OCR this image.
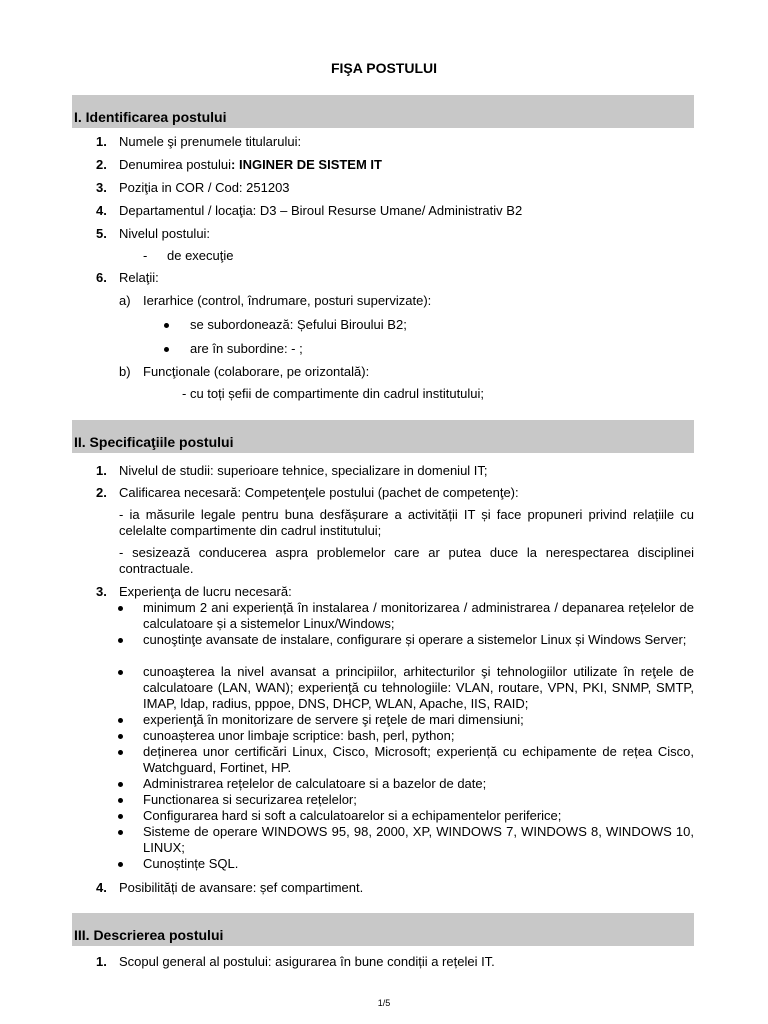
FIŞA POSTULUI
I. Identificarea postului
1. Numele şi prenumele titularului:
2. Denumirea postului: INGINER DE SISTEM IT
3. Poziţia in COR / Cod: 251203
4. Departamentul / locaţia: D3 – Biroul Resurse Umane/ Administrativ B2
5. Nivelul postului:
- de execuţie
6. Relaţii:
a) Ierarhice (control, îndrumare, posturi supervizate):
se subordonează: Șefului Biroului B2;
are în subordine: - ;
b) Funcţionale (colaborare, pe orizontală):
- cu toți șefii de compartimente din cadrul institutului;
II. Specificaţiile postului
1. Nivelul de studii: superioare tehnice, specializare in domeniul IT;
2. Calificarea necesară: Competenţele postului (pachet de competenţe):
- ia măsurile legale pentru buna desfășurare a activității IT și face propuneri privind relațiile cu celelalte compartimente din cadrul institutului;
- sesizează conducerea aspra problemelor care ar putea duce la nerespectarea disciplinei contractuale.
3. Experienţa de lucru necesară:
minimum 2 ani experiență în instalarea / monitorizarea / administrarea / depanarea rețelelor de calculatoare și a sistemelor Linux/Windows;
cunoştinţe avansate de instalare, configurare și operare a sistemelor Linux și Windows Server;
cunoaşterea la nivel avansat a principiilor, arhitecturilor şi tehnologiilor utilizate în reţele de calculatoare (LAN, WAN); experienţă cu tehnologiile: VLAN, routare, VPN, PKI, SNMP, SMTP, IMAP, ldap, radius, pppoe, DNS, DHCP, WLAN, Apache, IIS, RAID;
experienţă în monitorizare de servere şi reţele de mari dimensiuni;
cunoașterea unor limbaje scriptice: bash, perl, python;
deținerea unor certificări Linux, Cisco, Microsoft; experiență cu echipamente de rețea Cisco, Watchguard, Fortinet, HP.
Administrarea rețelelor de calculatoare si a bazelor de date;
Functionarea si securizarea rețelelor;
Configurarea hard si soft a calculatoarelor si a echipamentelor periferice;
Sisteme de operare WINDOWS 95, 98, 2000, XP, WINDOWS 7, WINDOWS 8, WINDOWS 10, LINUX;
Cunoștințe SQL.
4. Posibilități de avansare: șef compartiment.
III. Descrierea postului
1. Scopul general al postului: asigurarea în bune condiții a rețelei IT.
1/5
